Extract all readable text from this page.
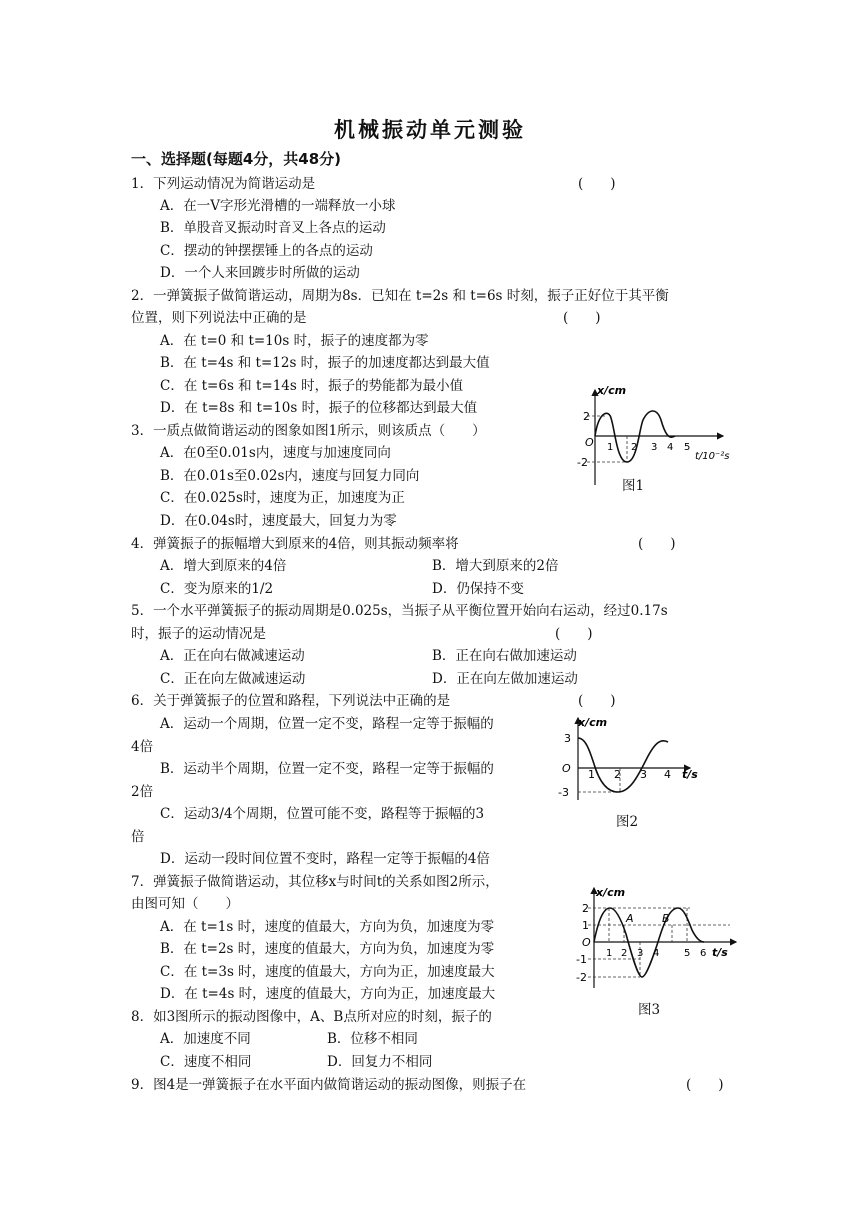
机械振动单元测验
一、选择题(每题4分，共48分)
1．下列运动情况为简谐运动是	(　　)
A．在一V字形光滑槽的一端释放一小球
B．单股音叉振动时音叉上各点的运动
C．摆动的钟摆摆锤上的各点的运动
D．一个人来回踱步时所做的运动
2．一弹簧振子做简谐运动，周期为8s．已知在 t=2s 和 t=6s 时刻，振子正好位于其平衡
位置，则下列说法中正确的是	(　　)
A．在 t=0 和 t=10s 时，振子的速度都为零
B．在 t=4s 和 t=12s 时，振子的加速度都达到最大值
C．在 t=6s 和 t=14s 时，振子的势能都为最小值
D．在 t=8s 和 t=10s 时，振子的位移都达到最大值
3．一质点做简谐运动的图象如图1所示，则该质点（　　）
A．在0至0.01s内，速度与加速度同向
B．在0.01s至0.02s内，速度与回复力同向
C．在0.025s时，速度为正，加速度为正
D．在0.04s时，速度最大，回复力为零
x/cm
2
-2
O 1 2 3 4 5
t/10⁻²s
图1
4．弹簧振子的振幅增大到原来的4倍，则其振动频率将	(　　)
A．增大到原来的4倍	B．增大到原来的2倍
C．变为原来的1/2	D．仍保持不变
5．一个水平弹簧振子的振动周期是0.025s，当振子从平衡位置开始向右运动，经过0.17s
时，振子的运动情况是	(　　)
A．正在向右做减速运动	B．正在向右做加速运动
C．正在向左做减速运动	D．正在向左做加速运动
6．关于弹簧振子的位置和路程，下列说法中正确的是	(　　)
A．运动一个周期，位置一定不变，路程一定等于振幅的
4倍
B．运动半个周期，位置一定不变，路程一定等于振幅的
2倍
C．运动3/4个周期，位置可能不变，路程等于振幅的3
倍
D．运动一段时间位置不变时，路程一定等于振幅的4倍
x/cm
3
-3
O 1 2 3 4 t/s
图2
7．弹簧振子做简谐运动，其位移x与时间t的关系如图2所示，
由图可知（　　）
A．在 t=1s 时，速度的值最大，方向为负，加速度为零
B．在 t=2s 时，速度的值最大，方向为负，加速度为零
C．在 t=3s 时，速度的值最大，方向为正，加速度最大
D．在 t=4s 时，速度的值最大，方向为正，加速度最大
x/cm
2
1
-1
-2
O
1 2 3 4 5 6 t/s
A	B
图3
8．如3图所示的振动图像中，A、B点所对应的时刻，振子的
A．加速度不同	B．位移不相同
C．速度不相同	D．回复力不相同
9．图4是一弹簧振子在水平面内做简谐运动的振动图像，则振子在	(　　)
